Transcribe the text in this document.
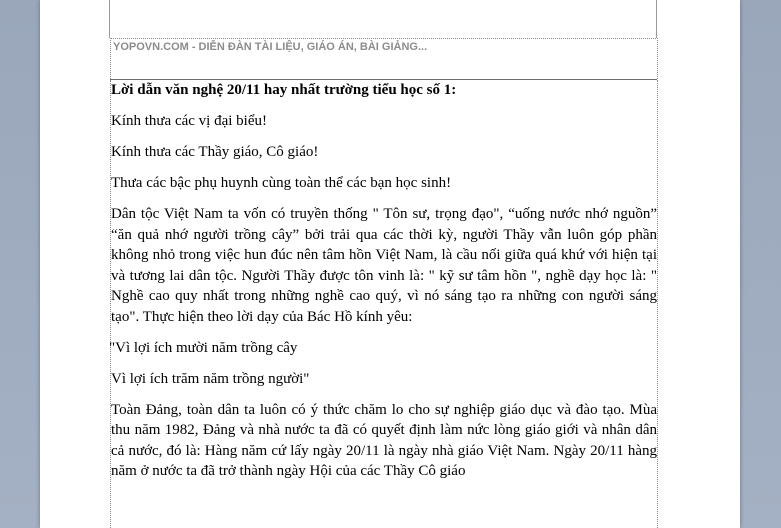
YOPOVN.COM - DIỄN ĐÀN TÀI LIỆU, GIÁO ÁN, BÀI GIẢNG...

Lời dẫn văn nghệ 20/11 hay nhất trường tiểu học số 1:

Kính thưa các vị đại biểu!

Kính thưa các Thầy giáo, Cô giáo!

Thưa các bậc phụ huynh cùng toàn thể các bạn học sinh!

Dân tộc Việt Nam ta vốn có truyền thống " Tôn sư, trọng đạo", “uống nước nhớ nguồn” “ăn quả nhớ người trồng cây” bởi trải qua các thời kỳ, người Thầy vẫn luôn góp phần không nhỏ trong việc hun đúc nên tâm hồn Việt Nam, là cầu nối giữa quá khứ với hiện tại và tương lai dân tộc. Người Thầy được tôn vinh là: " kỹ sư tâm hồn ", nghề dạy học là: " Nghề cao quy nhất trong những nghề cao quý, vì nó sáng tạo ra những con người sáng tạo". Thực hiện theo lời dạy của Bác Hồ kính yêu:

"Vì lợi ích mười năm trồng cây

Vì lợi ích trăm năm trồng người"

Toàn Đảng, toàn dân ta luôn có ý thức chăm lo cho sự nghiệp giáo dục và đào tạo. Mùa thu năm 1982, Đảng và nhà nước ta đã có quyết định làm nức lòng giáo giới và nhân dân cả nước, đó là: Hàng năm cứ lấy ngày 20/11 là ngày nhà giáo Việt Nam. Ngày 20/11 hàng năm ở nước ta đã trở thành ngày Hội của các Thầy Cô giáo
